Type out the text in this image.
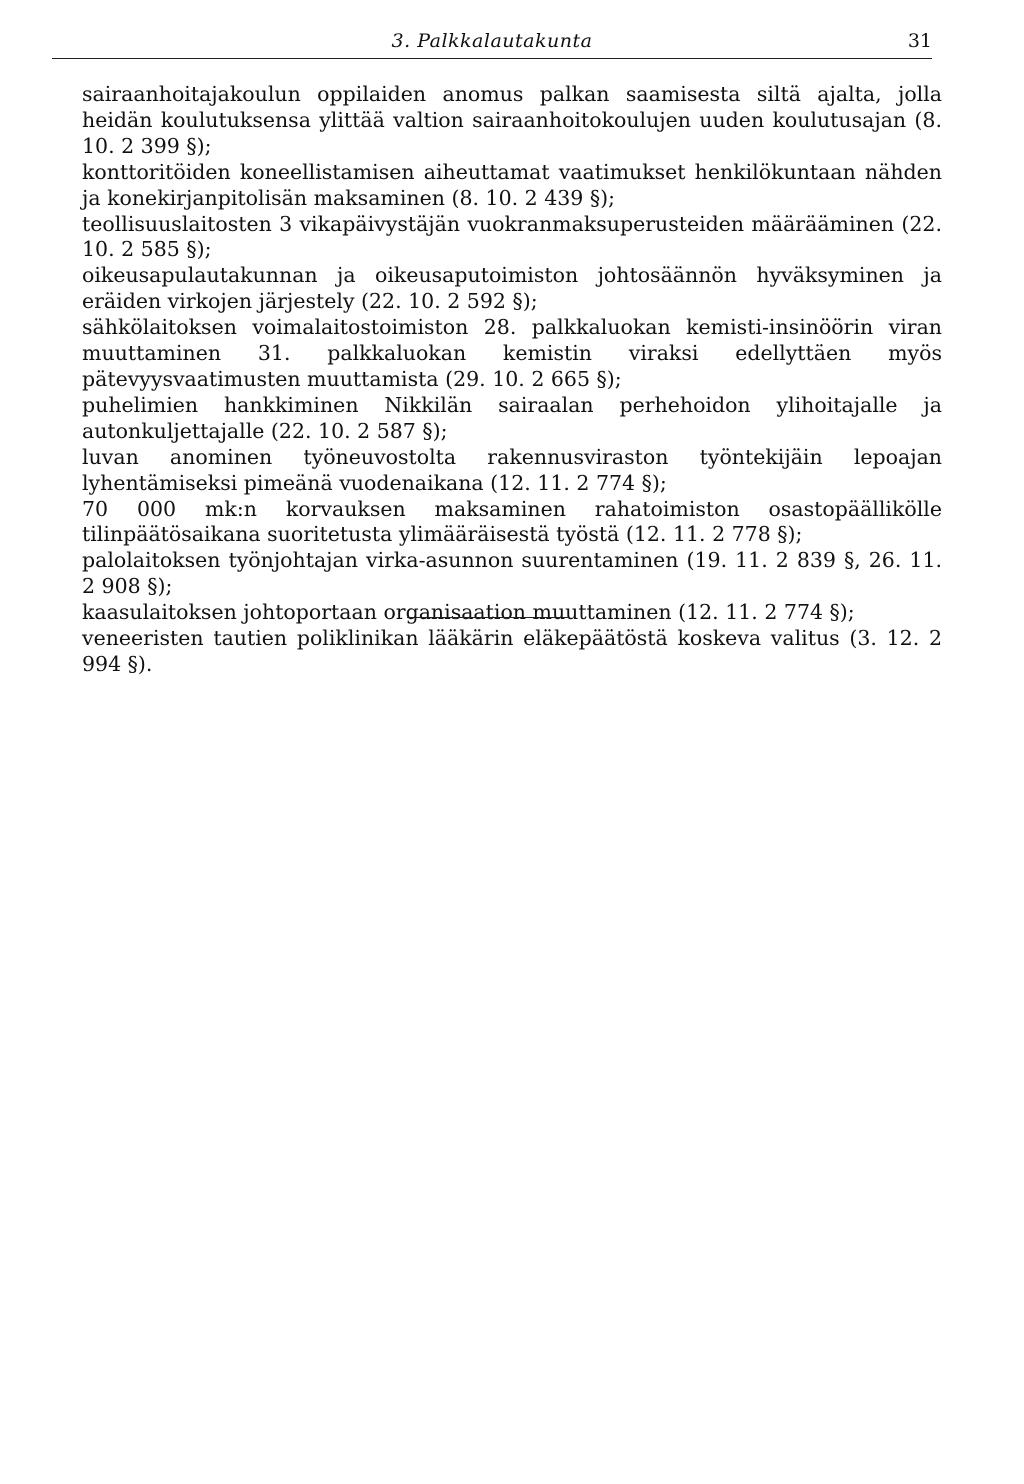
3. Palkkalautakunta	31

sairaanhoitajakoulun oppilaiden anomus palkan saamisesta siltä ajalta, jolla heidän koulutuksensa ylittää valtion sairaanhoitokoulujen uuden koulutusajan (8. 10. 2 399 §);

konttoritöiden koneellistamisen aiheuttamat vaatimukset henkilökuntaan nähden ja konekirjanpitolisän maksaminen (8. 10. 2 439 §);

teollisuuslaitosten 3 vikapäivystäjän vuokranmaksuperusteiden määrääminen (22. 10. 2 585 §);

oikeusapulautakunnan ja oikeusaputoimiston johtosäännön hyväksyminen ja eräiden virkojen järjestely (22. 10. 2 592 §);

sähkölaitoksen voimalaitostoimiston 28. palkkaluokan kemisti-insinöörin viran muuttaminen 31. palkkaluokan kemistin viraksi edellyttäen myös pätevyysvaatimusten muuttamista (29. 10. 2 665 §);

puhelimien hankkiminen Nikkilän sairaalan perhehoidon ylihoitajalle ja autonkuljettajalle (22. 10. 2 587 §);

luvan anominen työneuvostolta rakennusviraston työntekijäin lepoajan lyhentämiseksi pimeänä vuodenaikana (12. 11. 2 774 §);

70 000 mk:n korvauksen maksaminen rahatoimiston osastopäällikölle tilinpäätösaikana suoritetusta ylimääräisestä työstä (12. 11. 2 778 §);

palolaitoksen työnjohtajan virka-asunnon suurentaminen (19. 11. 2 839 §, 26. 11. 2 908 §);

kaasulaitoksen johtoportaan organisaation muuttaminen (12. 11. 2 774 §);

veneeristen tautien poliklinikan lääkärin eläkepäätöstä koskeva valitus (3. 12. 2 994 §).
